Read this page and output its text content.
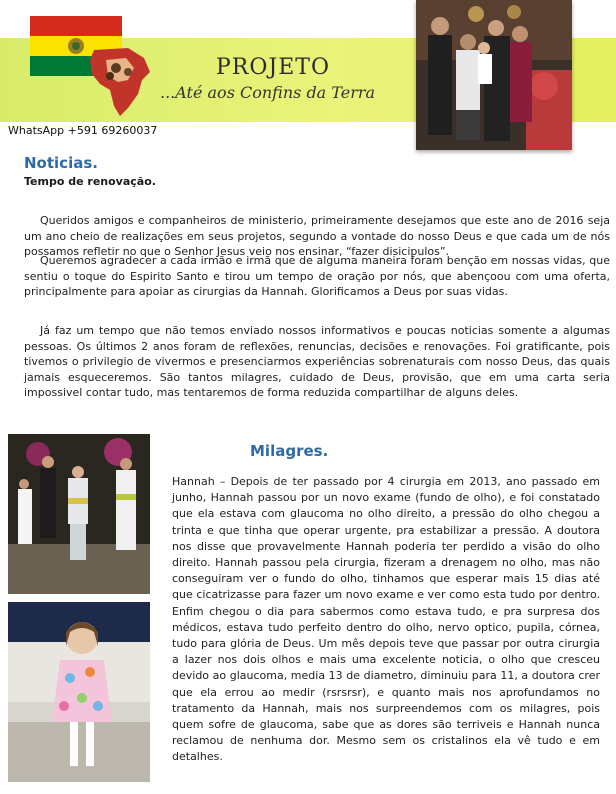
PROJETO
...Até aos Confins da Terra
WhatsApp +591 69260037
Noticias.
Tempo de renovação.
Queridos amigos e companheiros de ministerio, primeiramente desejamos que este ano de 2016 seja um ano cheio de realizações em seus projetos, segundo a vontade do nosso Deus e que cada um de nós possamos refletir no que o Senhor Jesus veio nos ensinar, “fazer disicipulos”.
Queremos agradecer a cada irmão e irmã que de alguma maneira foram benção em nossas vidas, que sentiu o toque do Espirito Santo e tirou um tempo de oração por nós, que abençoou com uma oferta, principalmente para apoiar as cirurgias da Hannah. Glorificamos a Deus por suas vidas.
Já faz um tempo que não temos enviado nossos informativos e poucas noticias somente a algumas pessoas. Os últimos 2 anos foram de reflexões, renuncias, decisões e renovações. Foi gratificante, pois tivemos o privilegio de vivermos e presenciarmos experiências sobrenaturais com nosso Deus, das quais jamais esqueceremos. São tantos milagres, cuidado de Deus, provisão, que em uma carta seria impossivel contar tudo, mas tentaremos de forma reduzida compartilhar de alguns deles.
Milagres.
Hannah – Depois de ter passado por 4 cirurgia em 2013, ano passado em junho, Hannah passou por un novo exame (fundo de olho), e foi constatado que ela estava com glaucoma no olho direito, a pressão do olho chegou a trinta e que tinha que operar urgente, pra estabilizar a pressão. A doutora nos disse que provavelmente Hannah poderia ter perdido a visão do olho direito. Hannah passou pela cirurgia, fizeram a drenagem no olho, mas não conseguiram ver o fundo do olho, tinhamos que esperar mais 15 dias até que cicatrizasse para fazer um novo exame e ver como esta tudo por dentro. Enfim chegou o dia para sabermos como estava tudo, e pra surpresa dos médicos, estava tudo perfeito dentro do olho, nervo optico, pupila, córnea, tudo para glória de Deus. Um mês depois teve que passar por outra cirurgia a lazer nos dois olhos e mais uma excelente noticia, o olho que cresceu devido ao glaucoma, media 13 de diametro, diminuiu para 11, a doutora crer que ela errou ao medir (rsrsrsr), e quanto mais nos aprofundamos no tratamento da Hannah, mais nos surpreendemos com os milagres, pois quem sofre de glaucoma, sabe que as dores são terriveis e Hannah nunca reclamou de nenhuma dor. Mesmo sem os cristalinos ela vê tudo e em detalhes.
